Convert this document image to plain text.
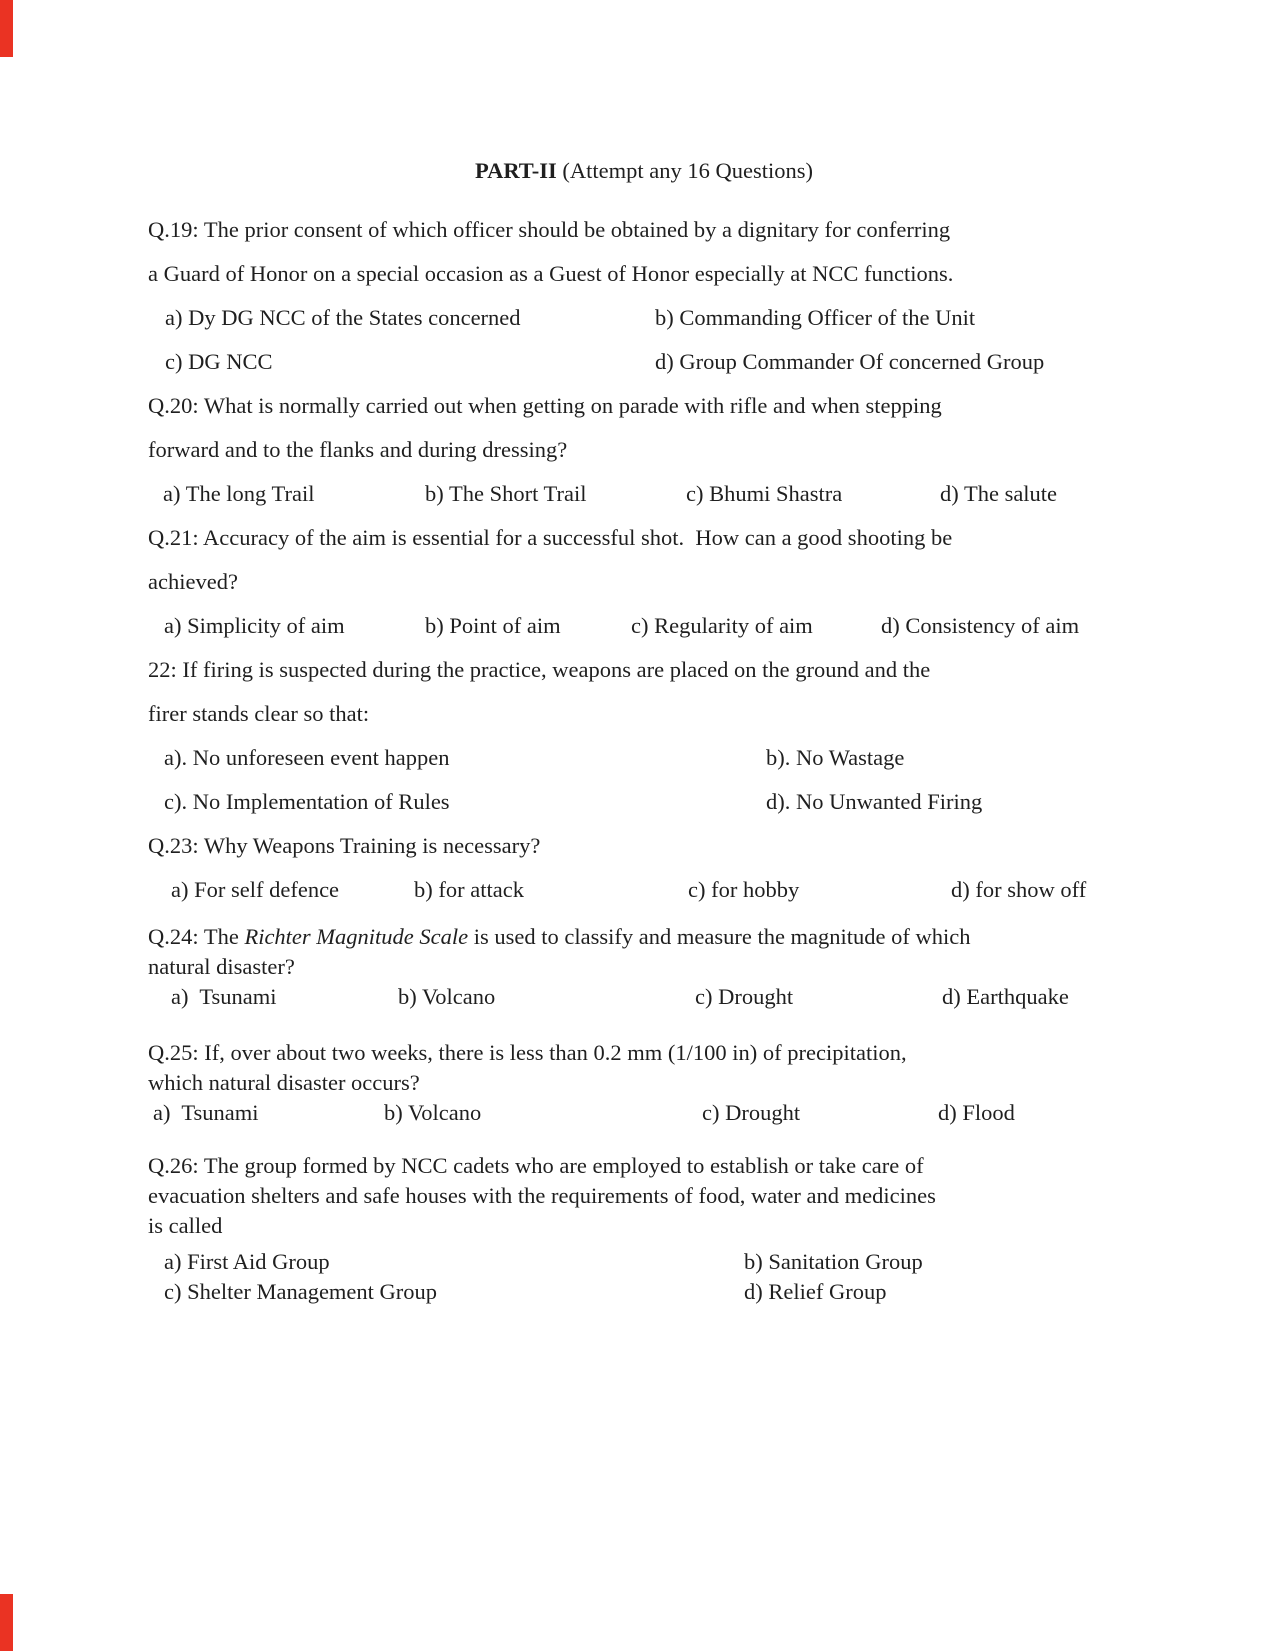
PART-II (Attempt any 16 Questions)
Q.19: The prior consent of which officer should be obtained by a dignitary for conferring
a Guard of Honor on a special occasion as a Guest of Honor especially at NCC functions.
a) Dy DG NCC of the States concerned	b) Commanding Officer of the Unit
c) DG NCC	d) Group Commander Of concerned Group
Q.20: What is normally carried out when getting on parade with rifle and when stepping
forward and to the flanks and during dressing?
a) The long Trail	b) The Short Trail	c) Bhumi Shastra	d) The salute
Q.21: Accuracy of the aim is essential for a successful shot.  How can a good shooting be
achieved?
a) Simplicity of aim	b) Point of aim	c) Regularity of aim	d) Consistency of aim
22: If firing is suspected during the practice, weapons are placed on the ground and the
firer stands clear so that:
a). No unforeseen event happen	b). No Wastage
c). No Implementation of Rules	d). No Unwanted Firing
Q.23: Why Weapons Training is necessary?
a) For self defence	b) for attack	c) for hobby	d) for show off
Q.24: The Richter Magnitude Scale is used to classify and measure the magnitude of which
natural disaster?
a)  Tsunami	b) Volcano	c) Drought	d) Earthquake
Q.25: If, over about two weeks, there is less than 0.2 mm (1/100 in) of precipitation,
which natural disaster occurs?
a)  Tsunami	b) Volcano	c) Drought	d) Flood
Q.26: The group formed by NCC cadets who are employed to establish or take care of
evacuation shelters and safe houses with the requirements of food, water and medicines
is called
a) First Aid Group	b) Sanitation Group
c) Shelter Management Group	d) Relief Group
